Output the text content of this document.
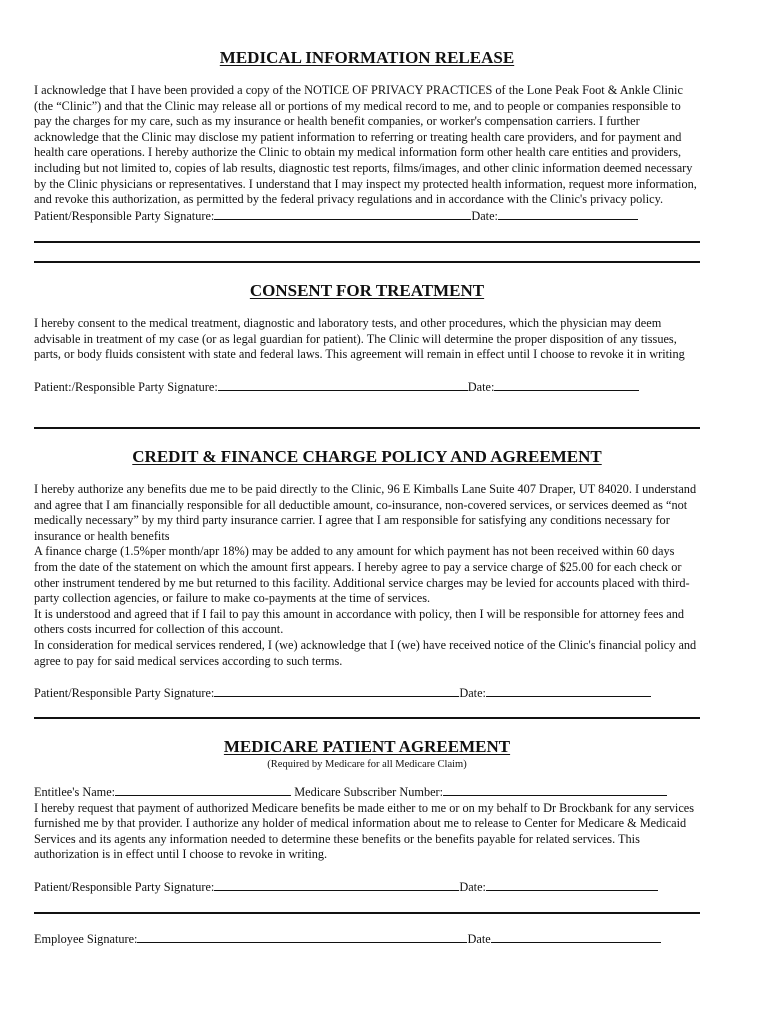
MEDICAL INFORMATION RELEASE
I acknowledge that I have been provided a copy of the NOTICE OF PRIVACY PRACTICES of the Lone Peak Foot & Ankle Clinic (the “Clinic”) and that the Clinic may release all or portions of my medical record to me, and to people or companies responsible to pay the charges for my care, such as my insurance or health benefit companies, or worker's compensation carriers. I further acknowledge that the Clinic may disclose my patient information to referring or treating health care providers, and for payment and health care operations. I hereby authorize the Clinic to obtain my medical information form other health care entities and providers, including but not limited to, copies of lab results, diagnostic test reports, films/images, and other clinic information deemed necessary by the Clinic physicians or representatives. I understand that I may inspect my protected health information, request more information, and revoke this authorization, as permitted by the federal privacy regulations and in accordance with the Clinic's privacy policy.
Patient/Responsible Party Signature:	Date:
CONSENT FOR TREATMENT
I hereby consent to the medical treatment, diagnostic and laboratory tests, and other procedures, which the physician may deem advisable in treatment of my case (or as legal guardian for patient). The Clinic will determine the proper disposition of any tissues, parts, or body fluids consistent with state and federal laws. This agreement will remain in effect until I choose to revoke it in writing
Patient:/Responsible Party Signature:	Date:
CREDIT & FINANCE CHARGE POLICY AND AGREEMENT

I hereby authorize any benefits due me to be paid directly to the Clinic, 96 E Kimballs Lane Suite 407 Draper, UT 84020. I understand and agree that I am financially responsible for all deductible amount, co-insurance, non-covered services, or services deemed as “not medically necessary” by my third party insurance carrier. I agree that I am responsible for satisfying any conditions necessary for insurance or health benefits

A finance charge (1.5%per month/apr 18%) may be added to any amount for which payment has not been received within 60 days from the date of the statement on which the amount first appears. I hereby agree to pay a service charge of $25.00 for each check or other instrument tendered by me but returned to this facility. Additional service charges may be levied for accounts placed with third-party collection agencies, or failure to make co-payments at the time of services.

It is understood and agreed that if I fail to pay this amount in accordance with policy, then I will be responsible for attorney fees and others costs incurred for collection of this account.

In consideration for medical services rendered, I (we) acknowledge that I (we) have received notice of the Clinic's financial policy and agree to pay for said medical services according to such terms.

Patient/Responsible Party Signature:	Date:
MEDICARE PATIENT AGREEMENT
(Required by Medicare for all Medicare Claim)
Entitlee's Name:	Medicare Subscriber Number:
I hereby request that payment of authorized Medicare benefits be made either to me or on my behalf to Dr Brockbank for any services furnished me by that provider. I authorize any holder of medical information about me to release to Center for Medicare & Medicaid Services and its agents any information needed to determine these benefits or the benefits payable for related services. This authorization is in effect until I choose to revoke in writing.
Patient/Responsible Party Signature:	Date:
Employee Signature:	Date
